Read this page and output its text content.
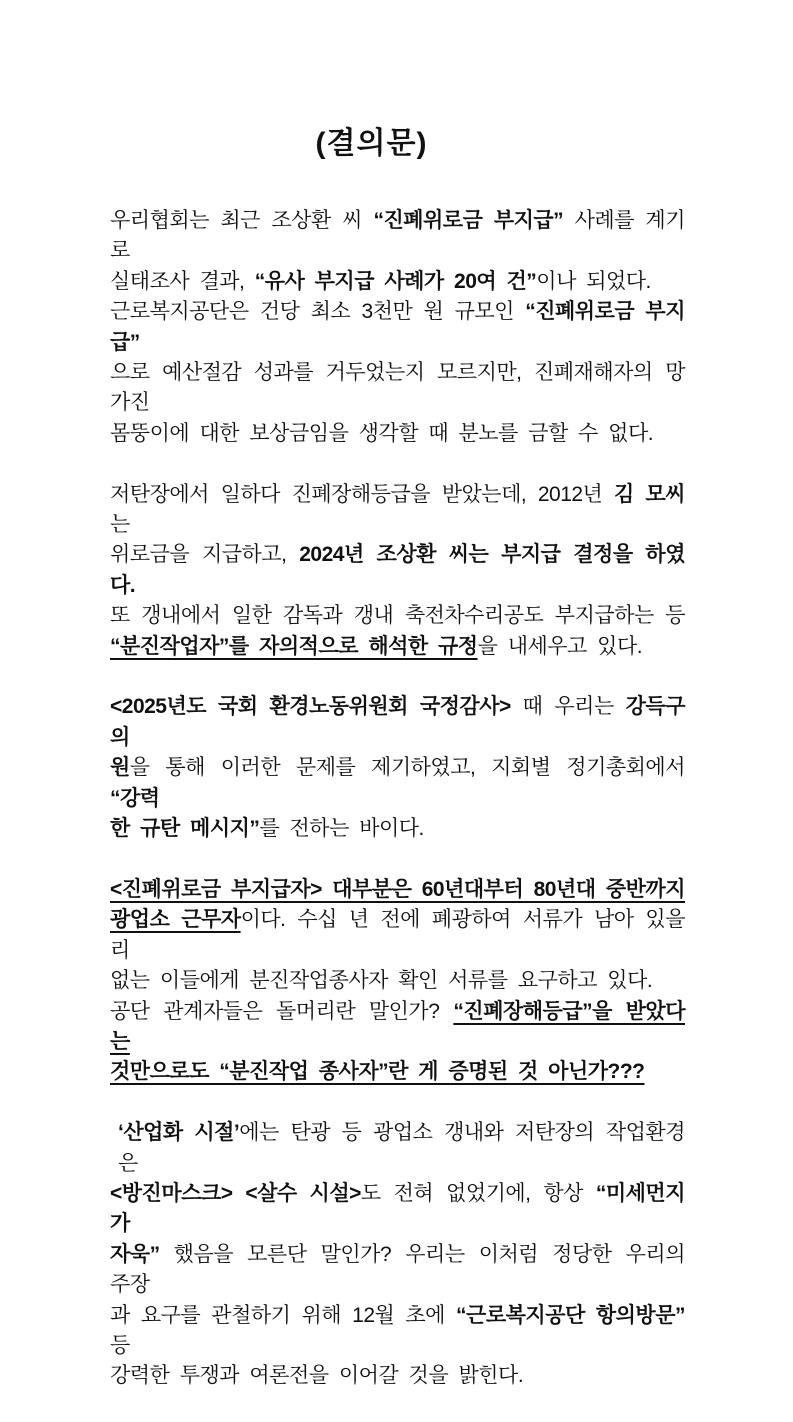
(결의문)
우리협회는 최근 조상환 씨 “진폐위로금 부지급” 사례를 계기로
실태조사 결과, “유사 부지급 사례가 20여 건”이나 되었다.
근로복지공단은 건당 최소 3천만 원 규모인 “진폐위로금 부지급”
으로 예산절감 성과를 거두었는지 모르지만, 진폐재해자의 망가진
몸뚱이에 대한 보상금임을 생각할 때 분노를 금할 수 없다.
저탄장에서 일하다 진폐장해등급을 받았는데, 2012년 김 모씨는
위로금을 지급하고, 2024년 조상환 씨는 부지급 결정을 하였다.
또 갱내에서 일한 감독과 갱내 축전차수리공도 부지급하는 등
“분진작업자”를 자의적으로 해석한 규정을 내세우고 있다.
<2025년도 국회 환경노동위원회 국정감사> 때 우리는 강득구 의
원을 통해 이러한 문제를 제기하였고, 지회별 정기총회에서 “강력
한 규탄 메시지”를 전하는 바이다.
<진폐위로금 부지급자> 대부분은 60년대부터 80년대 중반까지
광업소 근무자이다. 수십 년 전에 폐광하여 서류가 남아 있을 리
없는 이들에게 분진작업종사자 확인 서류를 요구하고 있다.
공단 관계자들은 돌머리란 말인가? “진폐장해등급”을 받았다는
것만으로도 “분진작업 종사자”란 게 증명된 것 아닌가???
‘산업화 시절’에는 탄광 등 광업소 갱내와 저탄장의 작업환경은
<방진마스크> <살수 시설>도 전혀 없었기에, 항상 “미세먼지가
자욱” 했음을 모른단 말인가? 우리는 이처럼 정당한 우리의 주장
과 요구를 관철하기 위해 12월 초에 “근로복지공단 항의방문” 등
강력한 투쟁과 여론전을 이어갈 것을 밝힌다.
